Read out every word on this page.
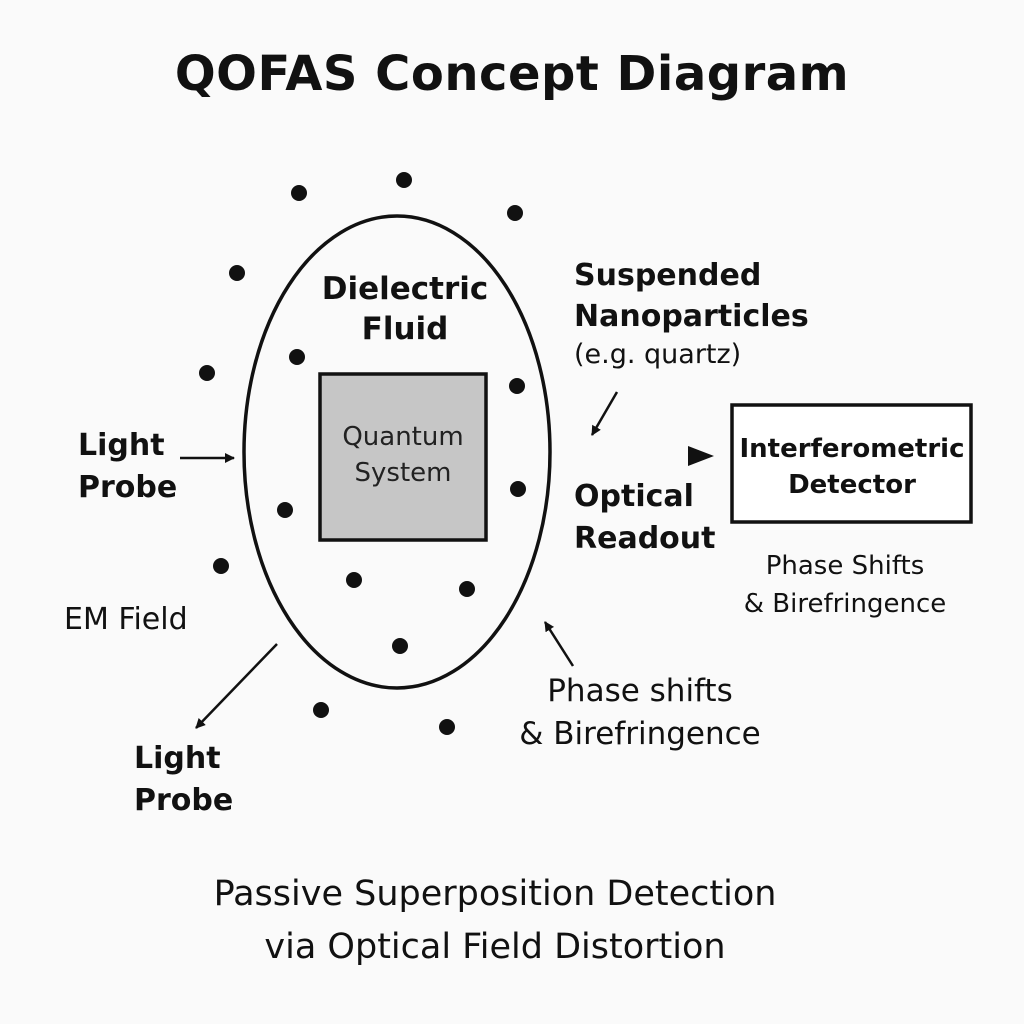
QOFAS Concept Diagram
Dielectric
Fluid
Quantum
System
Suspended
Nanoparticles
(e.g. quartz)
Light
Probe	Optical
Readout
Interferometric
Detector
Phase Shifts
& Birefringence
EM Field
Phase shifts
& Birefringence
Light
Probe
Passive Superposition Detection
via Optical Field Distortion
